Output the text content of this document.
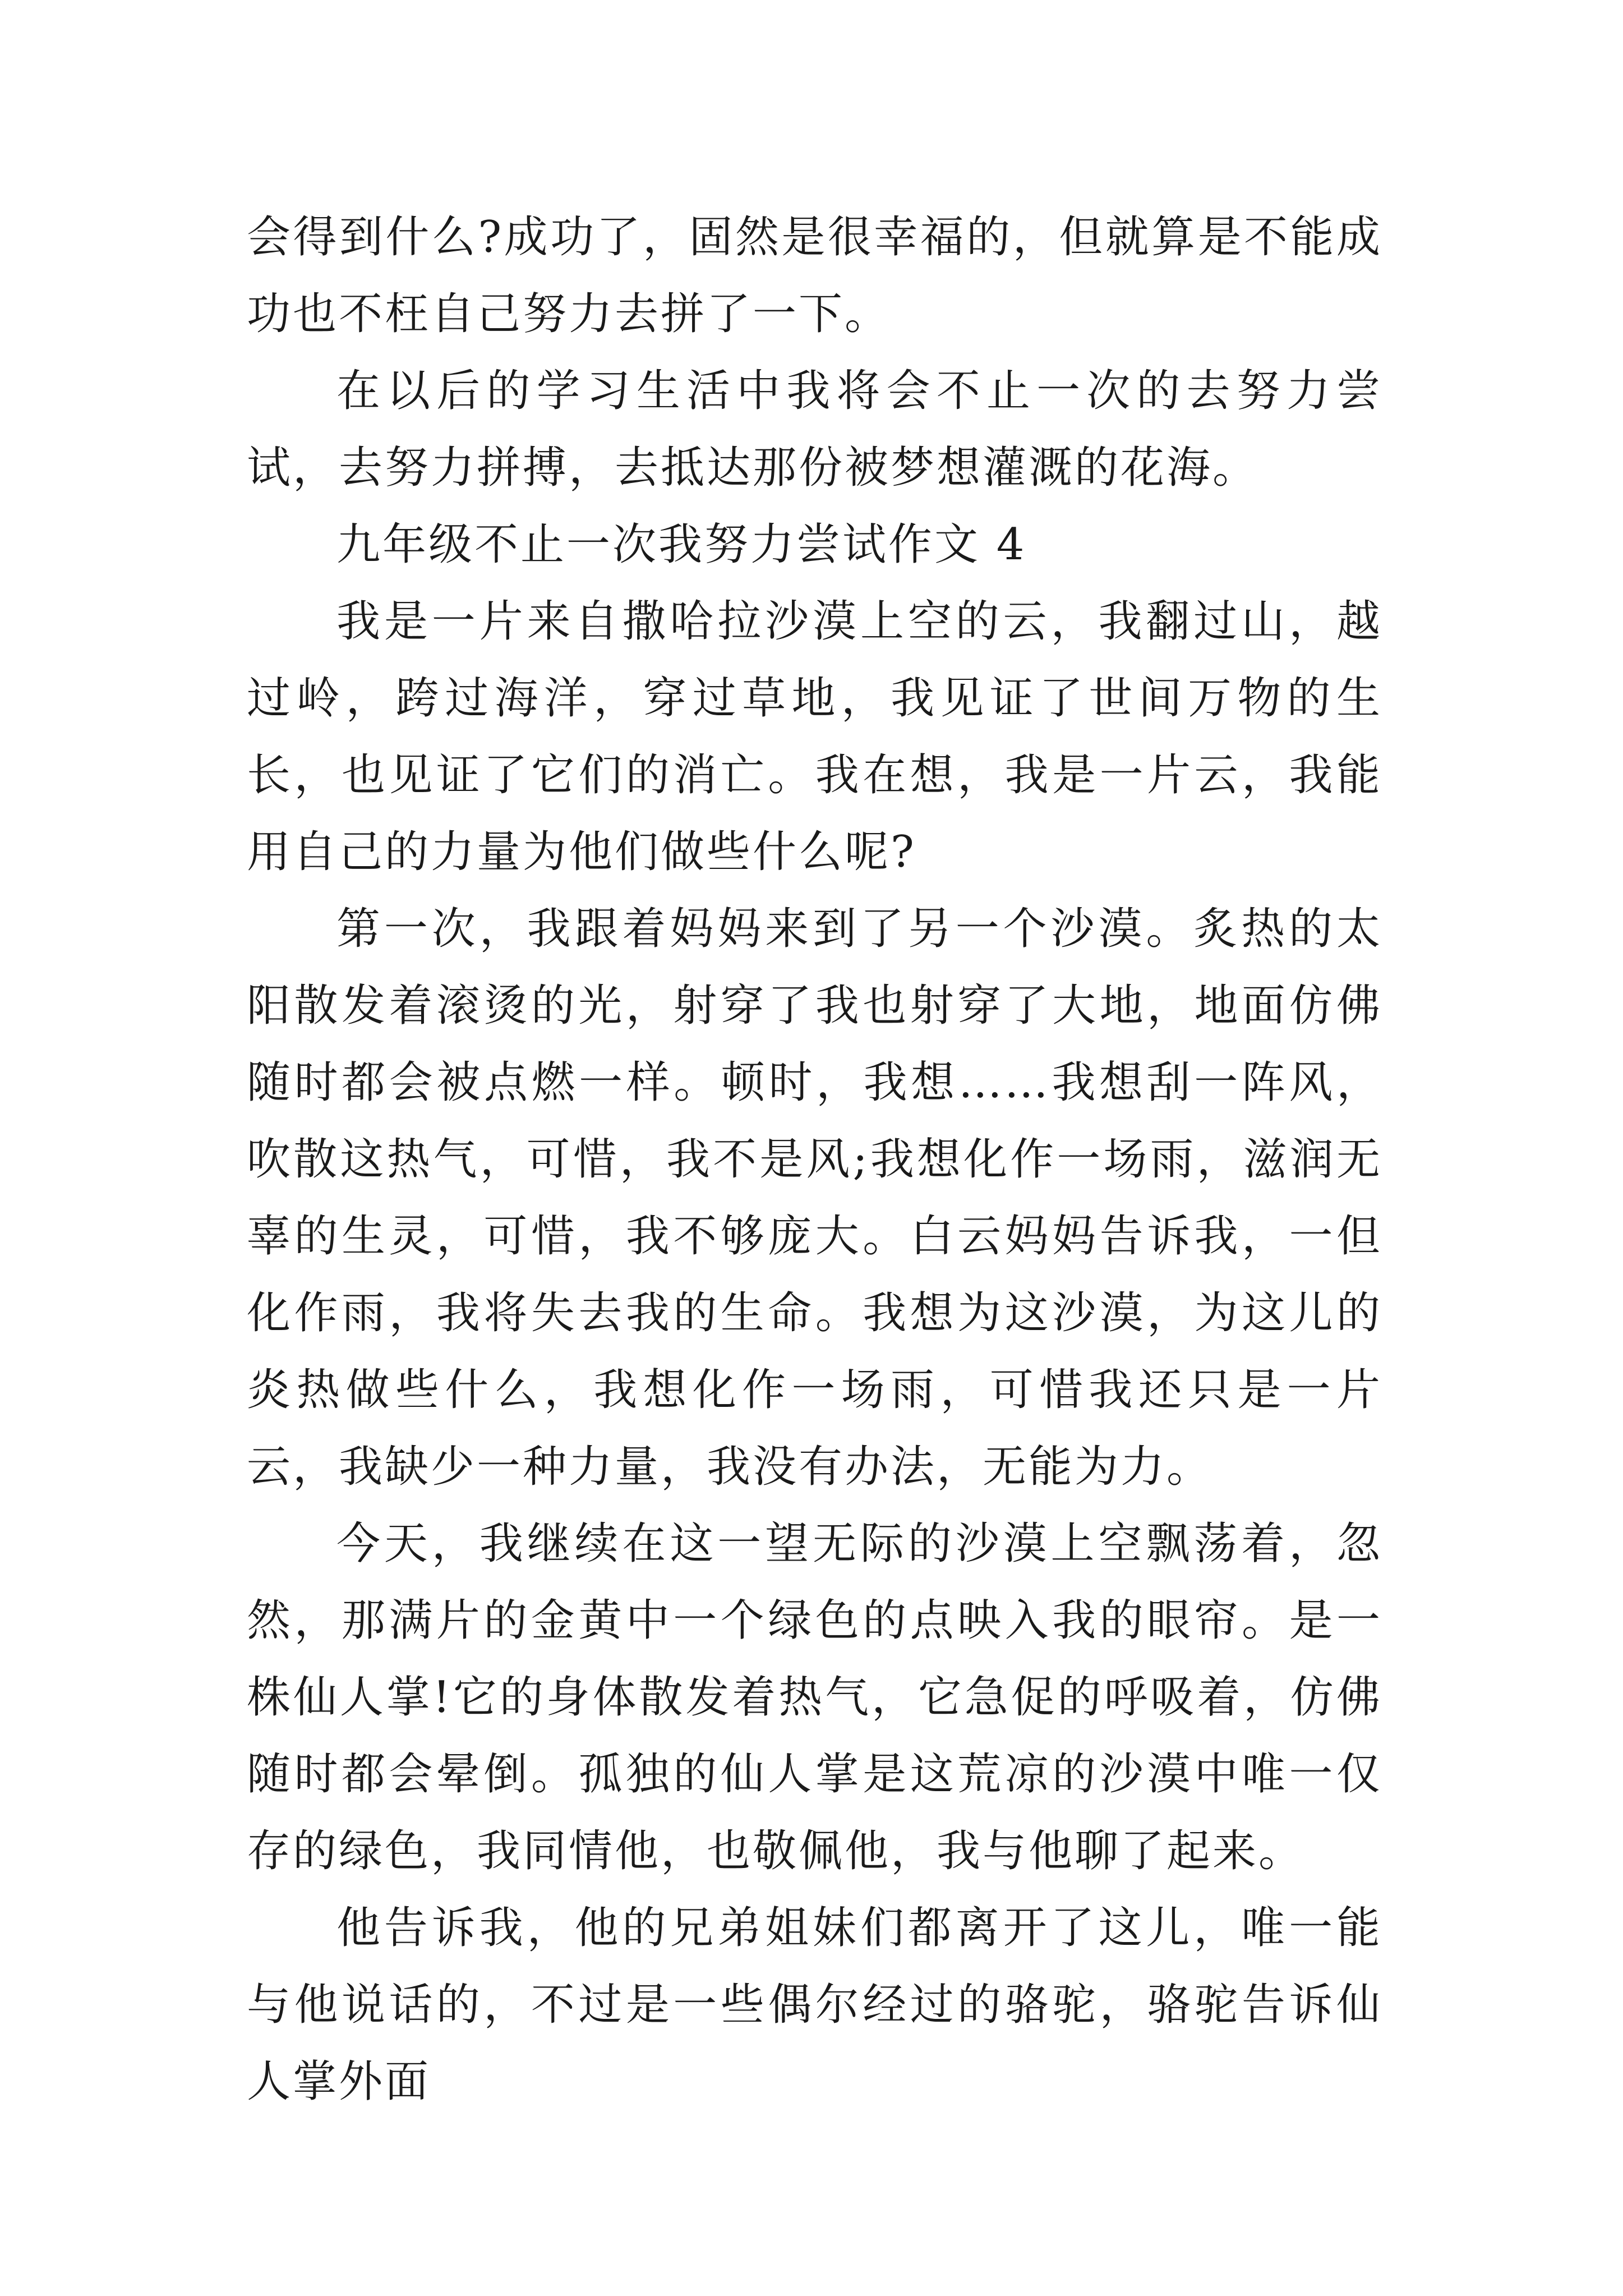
会得到什么?成功了，固然是很幸福的，但就算是不能成功也不枉自己努力去拼了一下。

在以后的学习生活中我将会不止一次的去努力尝试，去努力拼搏，去抵达那份被梦想灌溉的花海。

九年级不止一次我努力尝试作文 4

我是一片来自撒哈拉沙漠上空的云，我翻过山，越过岭，跨过海洋，穿过草地，我见证了世间万物的生长，也见证了它们的消亡。我在想，我是一片云，我能用自己的力量为他们做些什么呢?

第一次，我跟着妈妈来到了另一个沙漠。炙热的太阳散发着滚烫的光，射穿了我也射穿了大地，地面仿佛随时都会被点燃一样。顿时，我想……我想刮一阵风，吹散这热气，可惜，我不是风;我想化作一场雨，滋润无辜的生灵，可惜，我不够庞大。白云妈妈告诉我，一但化作雨，我将失去我的生命。我想为这沙漠，为这儿的炎热做些什么，我想化作一场雨，可惜我还只是一片云，我缺少一种力量，我没有办法，无能为力。

今天，我继续在这一望无际的沙漠上空飘荡着，忽然，那满片的金黄中一个绿色的点映入我的眼帘。是一株仙人掌!它的身体散发着热气，它急促的呼吸着，仿佛随时都会晕倒。孤独的仙人掌是这荒凉的沙漠中唯一仅存的绿色，我同情他，也敬佩他，我与他聊了起来。

他告诉我，他的兄弟姐妹们都离开了这儿，唯一能与他说话的，不过是一些偶尔经过的骆驼，骆驼告诉仙人掌外面
